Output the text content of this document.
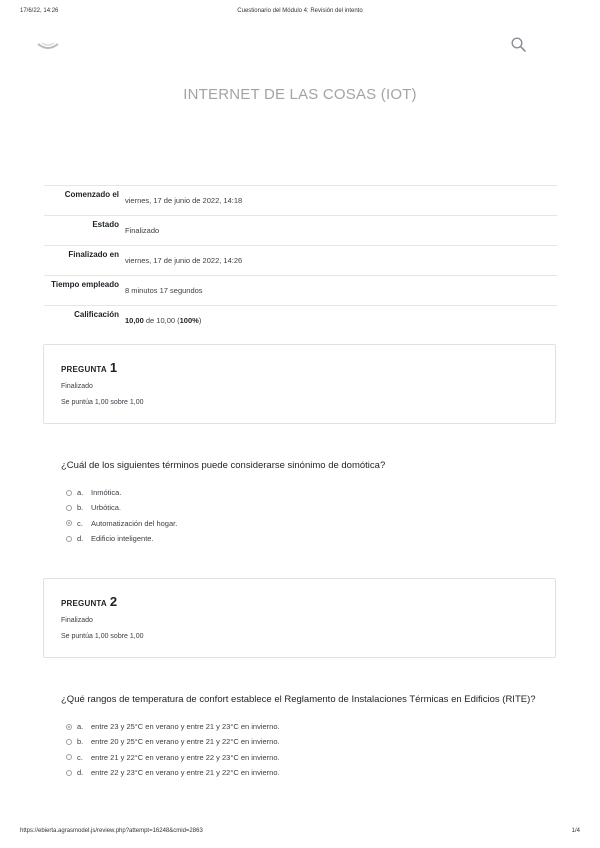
17/6/22, 14:26	Cuestionario del Módulo 4: Revisión del intento
INTERNET DE LAS COSAS (IOT)
Comenzado el	viernes, 17 de junio de 2022, 14:18
Estado	Finalizado
Finalizado en	viernes, 17 de junio de 2022, 14:26
Tiempo empleado	8 minutos 17 segundos
Calificación	10,00 de 10,00 (100%)
PREGUNTA 1
Finalizado
Se puntúa 1,00 sobre 1,00
¿Cuál de los siguientes términos puede considerarse sinónimo de domótica?
a.	Inmótica.
b.	Urbótica.
c.	Automatización del hogar.
d.	Edificio inteligente.
PREGUNTA 2
Finalizado
Se puntúa 1,00 sobre 1,00
¿Qué rangos de temperatura de confort establece el Reglamento de Instalaciones Térmicas en Edificios (RITE)?
a.	entre 23 y 25°C en verano y entre 21 y 23°C en invierno.
b.	entre 20 y 25°C en verano y entre 21 y 22°C en invierno.
c.	entre 21 y 22°C en verano y entre 22 y 23°C en invierno.
d.	entre 22 y 23°C en verano y entre 21 y 22°C en invierno.
https://ebierta.agrasmodel.js/review.php?attempt=16248&cmid=2863	1/4
